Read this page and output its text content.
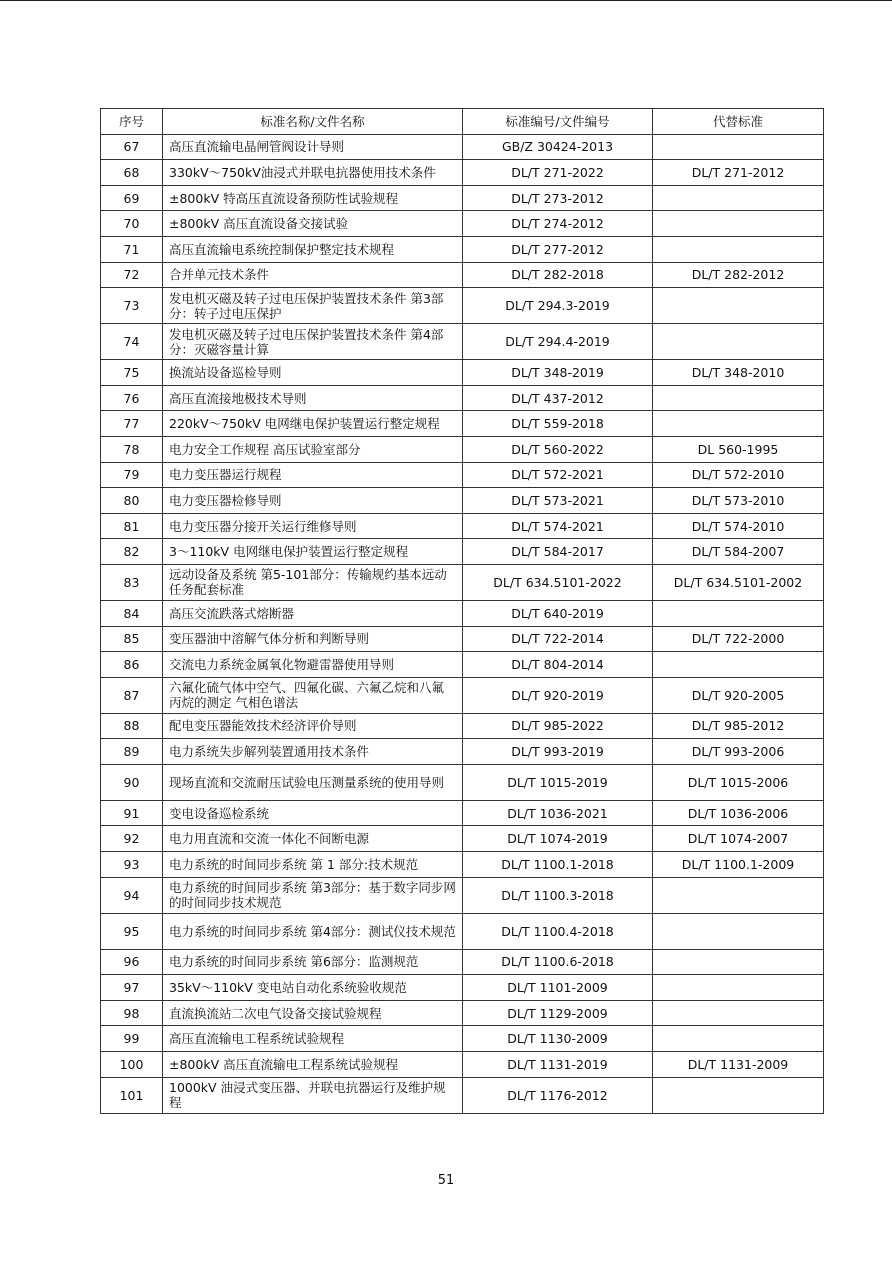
序号	标准名称/文件名称	标准编号/文件编号	代替标准
67	高压直流输电晶闸管阀设计导则	GB/Z 30424-2013	
68	330kV～750kV油浸式并联电抗器使用技术条件	DL/T 271-2022	DL/T 271-2012
69	±800kV 特高压直流设备预防性试验规程	DL/T 273-2012	
70	±800kV 高压直流设备交接试验	DL/T 274-2012	
71	高压直流输电系统控制保护整定技术规程	DL/T 277-2012	
72	合并单元技术条件	DL/T 282-2018	DL/T 282-2012
73	发电机灭磁及转子过电压保护装置技术条件 第3部分：转子过电压保护	DL/T 294.3-2019	
74	发电机灭磁及转子过电压保护装置技术条件 第4部分：灭磁容量计算	DL/T 294.4-2019	
75	换流站设备巡检导则	DL/T 348-2019	DL/T 348-2010
76	高压直流接地极技术导则	DL/T 437-2012	
77	220kV～750kV 电网继电保护装置运行整定规程	DL/T 559-2018	
78	电力安全工作规程 高压试验室部分	DL/T 560-2022	DL 560-1995
79	电力变压器运行规程	DL/T 572-2021	DL/T 572-2010
80	电力变压器检修导则	DL/T 573-2021	DL/T 573-2010
81	电力变压器分接开关运行维修导则	DL/T 574-2021	DL/T 574-2010
82	3～110kV 电网继电保护装置运行整定规程	DL/T 584-2017	DL/T 584-2007
83	远动设备及系统 第5-101部分：传输规约基本远动任务配套标准	DL/T 634.5101-2022	DL/T 634.5101-2002
84	高压交流跌落式熔断器	DL/T 640-2019	
85	变压器油中溶解气体分析和判断导则	DL/T 722-2014	DL/T 722-2000
86	交流电力系统金属氧化物避雷器使用导则	DL/T 804-2014	
87	六氟化硫气体中空气、四氟化碳、六氟乙烷和八氟丙烷的测定 气相色谱法	DL/T 920-2019	DL/T 920-2005
88	配电变压器能效技术经济评价导则	DL/T 985-2022	DL/T 985-2012
89	电力系统失步解列装置通用技术条件	DL/T 993-2019	DL/T 993-2006
90	现场直流和交流耐压试验电压测量系统的使用导则	DL/T 1015-2019	DL/T 1015-2006
91	变电设备巡检系统	DL/T 1036-2021	DL/T 1036-2006
92	电力用直流和交流一体化不间断电源	DL/T 1074-2019	DL/T 1074-2007
93	电力系统的时间同步系统 第 1 部分:技术规范	DL/T 1100.1-2018	DL/T 1100.1-2009
94	电力系统的时间同步系统 第3部分：基于数字同步网的时间同步技术规范	DL/T 1100.3-2018	
95	电力系统的时间同步系统 第4部分：测试仪技术规范	DL/T 1100.4-2018	
96	电力系统的时间同步系统 第6部分：监测规范	DL/T 1100.6-2018	
97	35kV～110kV 变电站自动化系统验收规范	DL/T 1101-2009	
98	直流换流站二次电气设备交接试验规程	DL/T 1129-2009	
99	高压直流输电工程系统试验规程	DL/T 1130-2009	
100	±800kV 高压直流输电工程系统试验规程	DL/T 1131-2019	DL/T 1131-2009
101	1000kV 油浸式变压器、并联电抗器运行及维护规程	DL/T 1176-2012	
51
